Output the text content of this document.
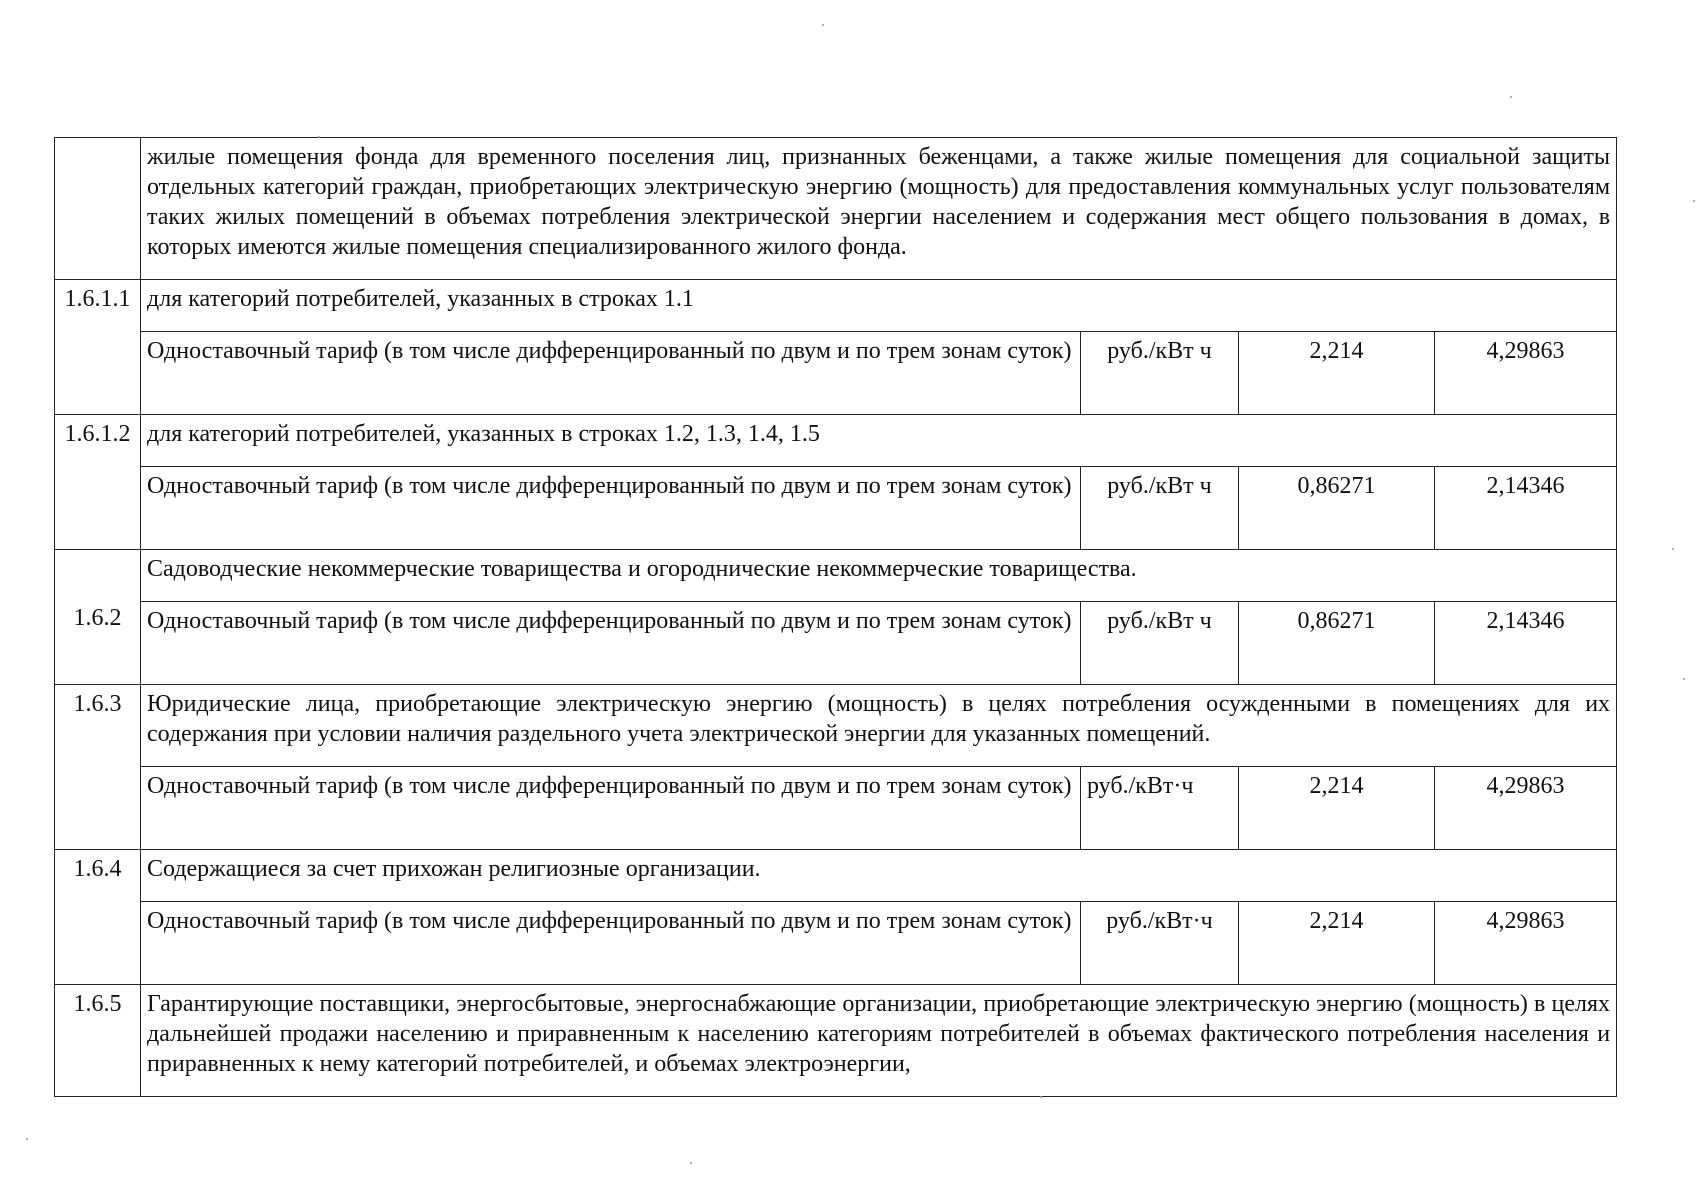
	жилые помещения фонда для временного поселения лиц, признанных беженцами, а также жилые помещения для социальной защиты отдельных категорий граждан, приобретающих электрическую энергию (мощность) для предоставления коммунальных услуг пользователям таких жилых помещений в объемах потребления электрической энергии населением и содержания мест общего пользования в домах, в которых имеются жилые помещения специализированного жилого фонда.			
1.6.1.1	для категорий потребителей, указанных в строках 1.1			
	Одноставочный тариф (в том числе дифференцированный по двум и по трем зонам суток)	руб./кВт ч	2,214	4,29863
1.6.1.2	для категорий потребителей, указанных в строках 1.2, 1.3, 1.4, 1.5			
	Одноставочный тариф (в том числе дифференцированный по двум и по трем зонам суток)	руб./кВт ч	0,86271	2,14346
1.6.2	Садоводческие некоммерческие товарищества и огороднические некоммерческие товарищества.			
	Одноставочный тариф (в том числе дифференцированный по двум и по трем зонам суток)	руб./кВт ч	0,86271	2,14346
1.6.3	Юридические лица, приобретающие электрическую энергию (мощность) в целях потребления осужденными в помещениях для их содержания при условии наличия раздельного учета электрической энергии для указанных помещений.			
	Одноставочный тариф (в том числе дифференцированный по двум и по трем зонам суток)	руб./кВт·ч	2,214	4,29863
1.6.4	Содержащиеся за счет прихожан религиозные организации.			
	Одноставочный тариф (в том числе дифференцированный по двум и по трем зонам суток)	руб./кВт·ч	2,214	4,29863
1.6.5	Гарантирующие поставщики, энергосбытовые, энергоснабжающие организации, приобретающие электрическую энергию (мощность) в целях дальнейшей продажи населению и приравненным к населению категориям потребителей в объемах фактического потребления населения и приравненных к нему категорий потребителей, и объемах электроэнергии,			
